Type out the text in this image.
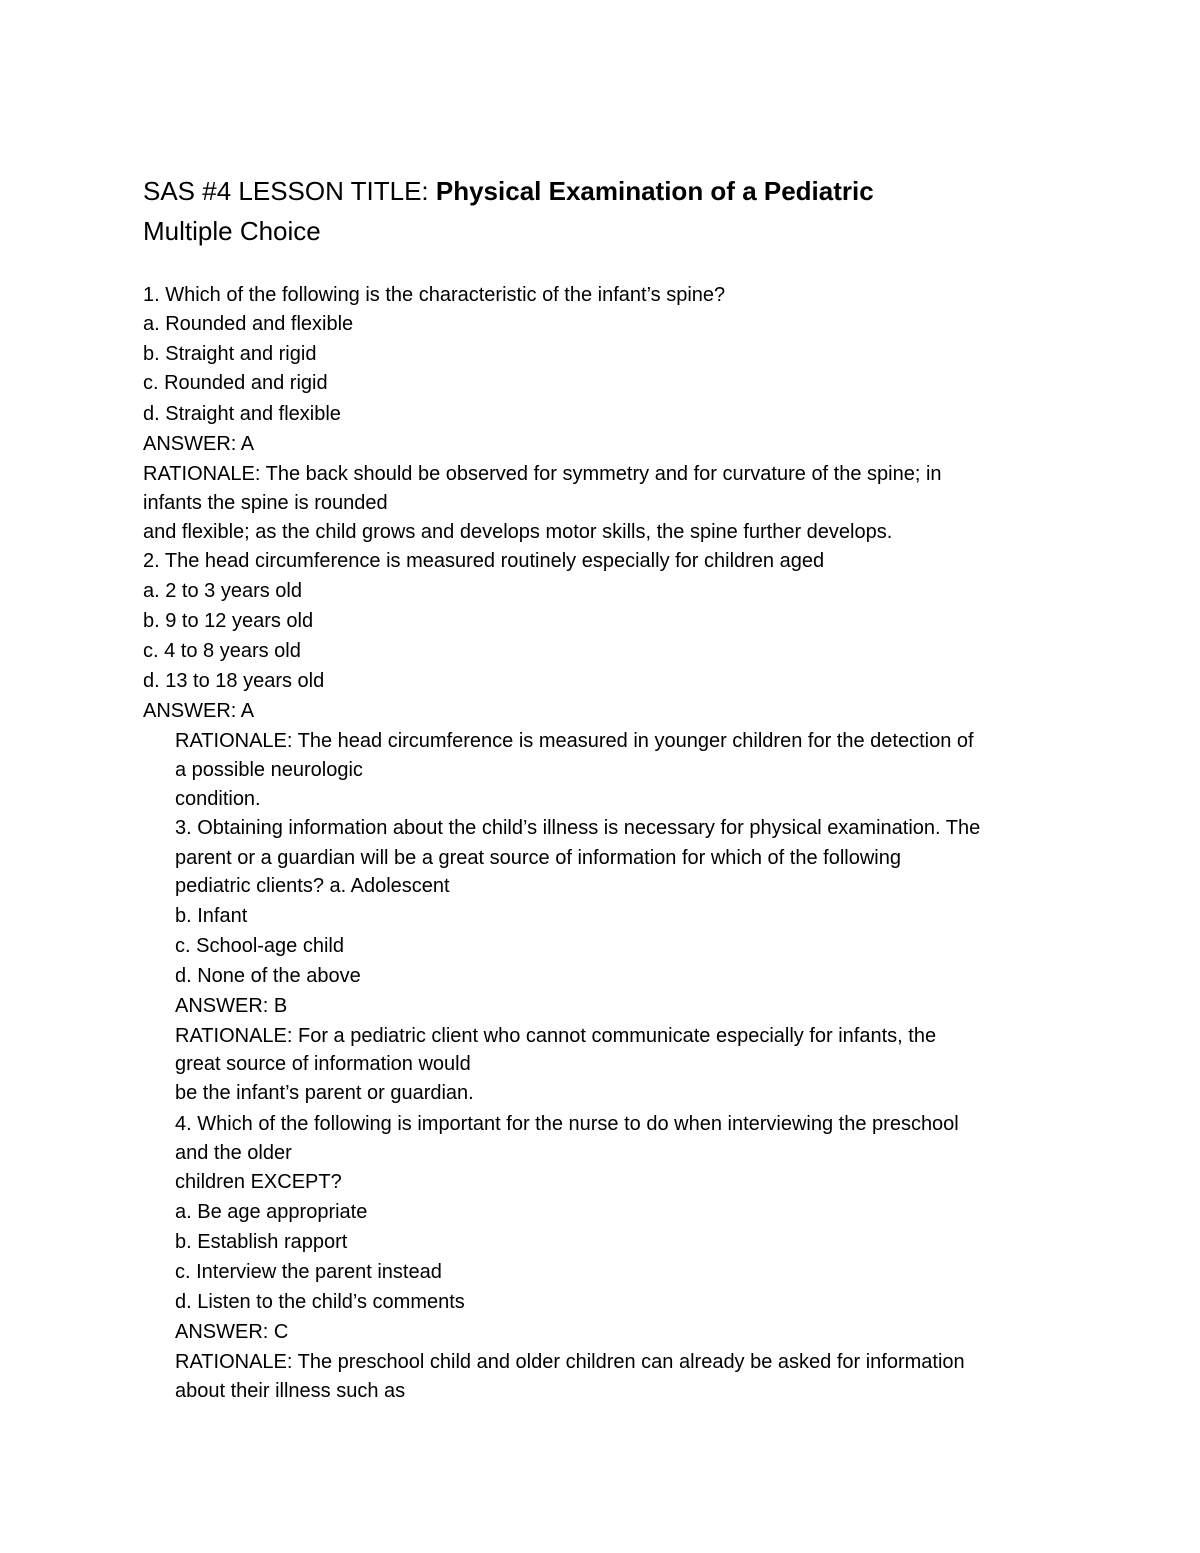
SAS #4 LESSON TITLE: Physical Examination of a Pediatric
Multiple Choice
1. Which of the following is the characteristic of the infant’s spine?
a. Rounded and flexible
b. Straight and rigid
c. Rounded and rigid
d. Straight and flexible
ANSWER: A
RATIONALE: The back should be observed for symmetry and for curvature of the spine; in
infants the spine is rounded
and flexible; as the child grows and develops motor skills, the spine further develops.
2. The head circumference is measured routinely especially for children aged
a. 2 to 3 years old
b. 9 to 12 years old
c. 4 to 8 years old
d. 13 to 18 years old
ANSWER: A
RATIONALE: The head circumference is measured in younger children for the detection of
a possible neurologic
condition.
3. Obtaining information about the child’s illness is necessary for physical examination. The
parent or a guardian will be a great source of information for which of the following
pediatric clients? a. Adolescent
b. Infant
c. School-age child
d. None of the above
ANSWER: B
RATIONALE: For a pediatric client who cannot communicate especially for infants, the
great source of information would
be the infant’s parent or guardian.
4. Which of the following is important for the nurse to do when interviewing the preschool
and the older
children EXCEPT?
a. Be age appropriate
b. Establish rapport
c. Interview the parent instead
d. Listen to the child’s comments
ANSWER: C
RATIONALE: The preschool child and older children can already be asked for information
about their illness such as
